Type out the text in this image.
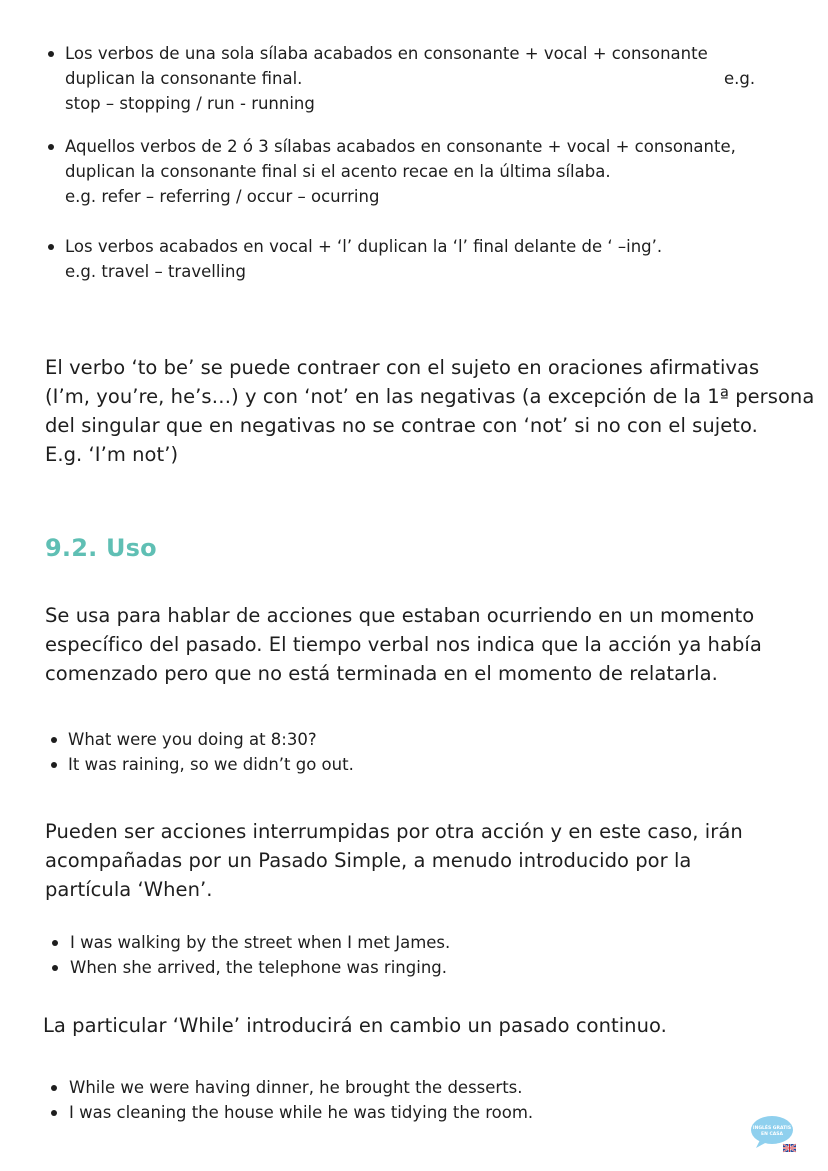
Los verbos de una sola sílaba acabados en consonante + vocal + consonante
duplican la consonante final.	e.g.
stop – stopping / run - running
Aquellos verbos de 2 ó 3 sílabas acabados en consonante + vocal + consonante,
duplican la consonante final si el acento recae en la última sílaba.
e.g. refer – referring / occur – ocurring
Los verbos acabados en vocal + ‘l’ duplican la ‘l’ final delante de ‘ –ing’.
e.g. travel – travelling
El verbo ‘to be’ se puede contraer con el sujeto en oraciones afirmativas
(I’m, you’re, he’s…) y con ‘not’ en las negativas (a excepción de la 1ª persona
del singular que en negativas no se contrae con ‘not’ si no con el sujeto.
E.g. ‘I’m not’)
9.2. Uso
Se usa para hablar de acciones que estaban ocurriendo en un momento
específico del pasado. El tiempo verbal nos indica que la acción ya había
comenzado pero que no está terminada en el momento de relatarla.
What were you doing at 8:30?
It was raining, so we didn’t go out.
Pueden ser acciones interrumpidas por otra acción y en este caso, irán
acompañadas por un Pasado Simple, a menudo introducido por la
partícula ‘When’.
I was walking by the street when I met James.
When she arrived, the telephone was ringing.
La particular ‘While’ introducirá en cambio un pasado continuo.
While we were having dinner, he brought the desserts.
I was cleaning the house while he was tidying the room.
INGLÉS GRATIS
EN CASA
